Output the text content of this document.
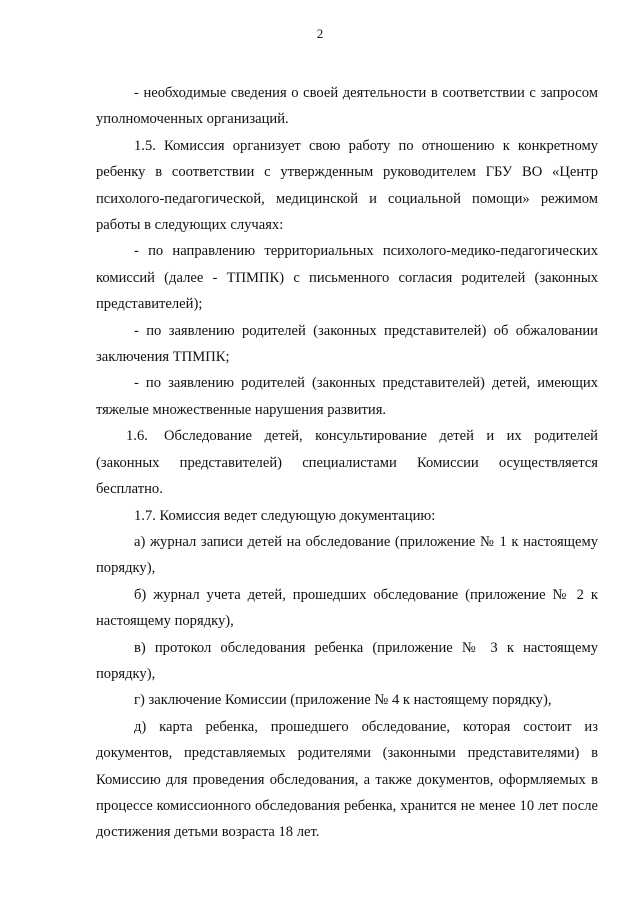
2

- необходимые сведения о своей деятельности в соответствии с запросом уполномоченных организаций.

1.5. Комиссия организует свою работу по отношению к конкретному ребенку в соответствии с утвержденным руководителем ГБУ ВО «Центр психолого-педагогической, медицинской и социальной помощи» режимом работы в следующих случаях:

- по направлению территориальных психолого-медико-педагогических комиссий (далее - ТПМПК) с письменного согласия родителей (законных представителей);

- по заявлению родителей (законных представителей) об обжаловании заключения ТПМПК;

- по заявлению родителей (законных представителей) детей, имеющих тяжелые множественные нарушения развития.

1.6. Обследование детей, консультирование детей и их родителей (законных представителей) специалистами Комиссии осуществляется бесплатно.

1.7. Комиссия ведет следующую документацию:

а) журнал записи детей на обследование (приложение № 1 к настоящему порядку),

б) журнал учета детей, прошедших обследование (приложение № 2 к настоящему порядку),

в) протокол обследования ребенка (приложение № 3 к настоящему порядку),

г) заключение Комиссии (приложение № 4 к настоящему порядку),

д) карта ребенка, прошедшего обследование, которая состоит из документов, представляемых родителями (законными представителями) в Комиссию для проведения обследования, а также документов, оформляемых в процессе комиссионного обследования ребенка, хранится не менее 10 лет после достижения детьми возраста 18 лет.
